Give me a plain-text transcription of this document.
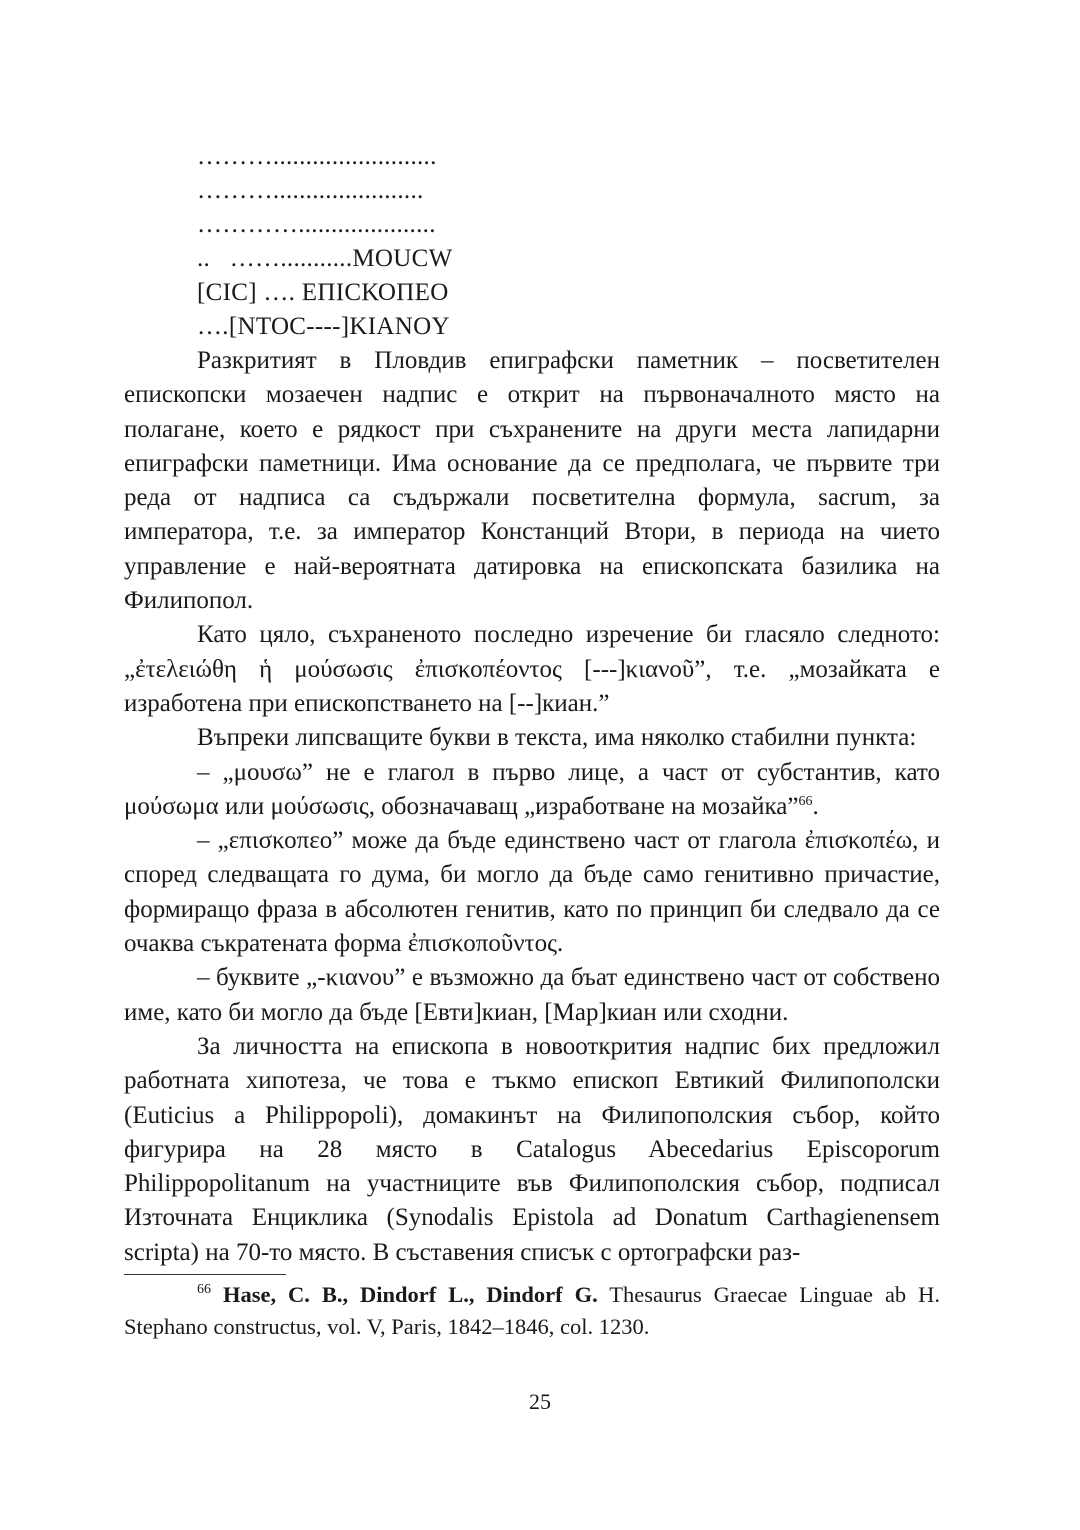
……….........................
……….......................
………….....................
..   ……...........MOUCW
[CIC] …. ΕΠΙCΚΟΠΕΟ
….[NTOC----]KIANOY

Разкритият в Пловдив епиграфски паметник – посветителен епископски мозаечен надпис е открит на първоначалното място на полагане, което е рядкост при съхранените на други места лапидарни епиграфски паметници. Има основание да се предполага, че първите три реда от надписа са съдържали посветителна формула, sacrum, за императора, т.е. за император Констанций Втори, в периода на чието управление е най-вероятната датировка на епископската базилика на Филипопол.

Като цяло, съхраненото последно изречение би гласяло следното: „ἐτελειώθη ἡ μούσωσις ἐπισκοπέοντος [---]κιανοῦ”, т.е. „мозайката е изработена при епископстването на [--]киан.”

Въпреки липсващите букви в текста, има няколко стабилни пункта:

– „μουσω” не е глагол в първо лице, а част от субстантив, като μούσωμα или μούσωσις, обозначаващ „изработване на мозайка”$^{66}$.

– „επισκοπεο” може да бъде единствено част от глагола ἐπισκοπέω, и според следващата го дума, би могло да бъде само генитивно причастие, формиращо фраза в абсолютен генитив, като по принцип би следвало да се очаква съкратената форма ἐπισκοποῦντος.

– буквите „-κιανου” е възможно да бъат единствено част от собствено име, като би могло да бъде [Евти]киан, [Мар]киан или сходни.

За личността на епископа в новооткрития надпис бих предложил работната хипотеза, че това е тъкмо епископ Евтикий Филипополски (Euticius a Philippopoli), домакинът на Филипополския събор, който фигурира на 28 място в Catalogus Abecedarius Episcoporum Philippopolitanum на участниците във Филипополския събор, подписал Източната Енциклика (Synodalis Epistola ad Donatum Carthagienensem scripta) на 70-то място. В съставения списък с ортографски раз-

$^{66}$ Hase, C. B., Dindorf L., Dindorf G. Thesaurus Graecae Linguae ab H. Stephano constructus, vol. V, Paris, 1842–1846, col. 1230.
25
